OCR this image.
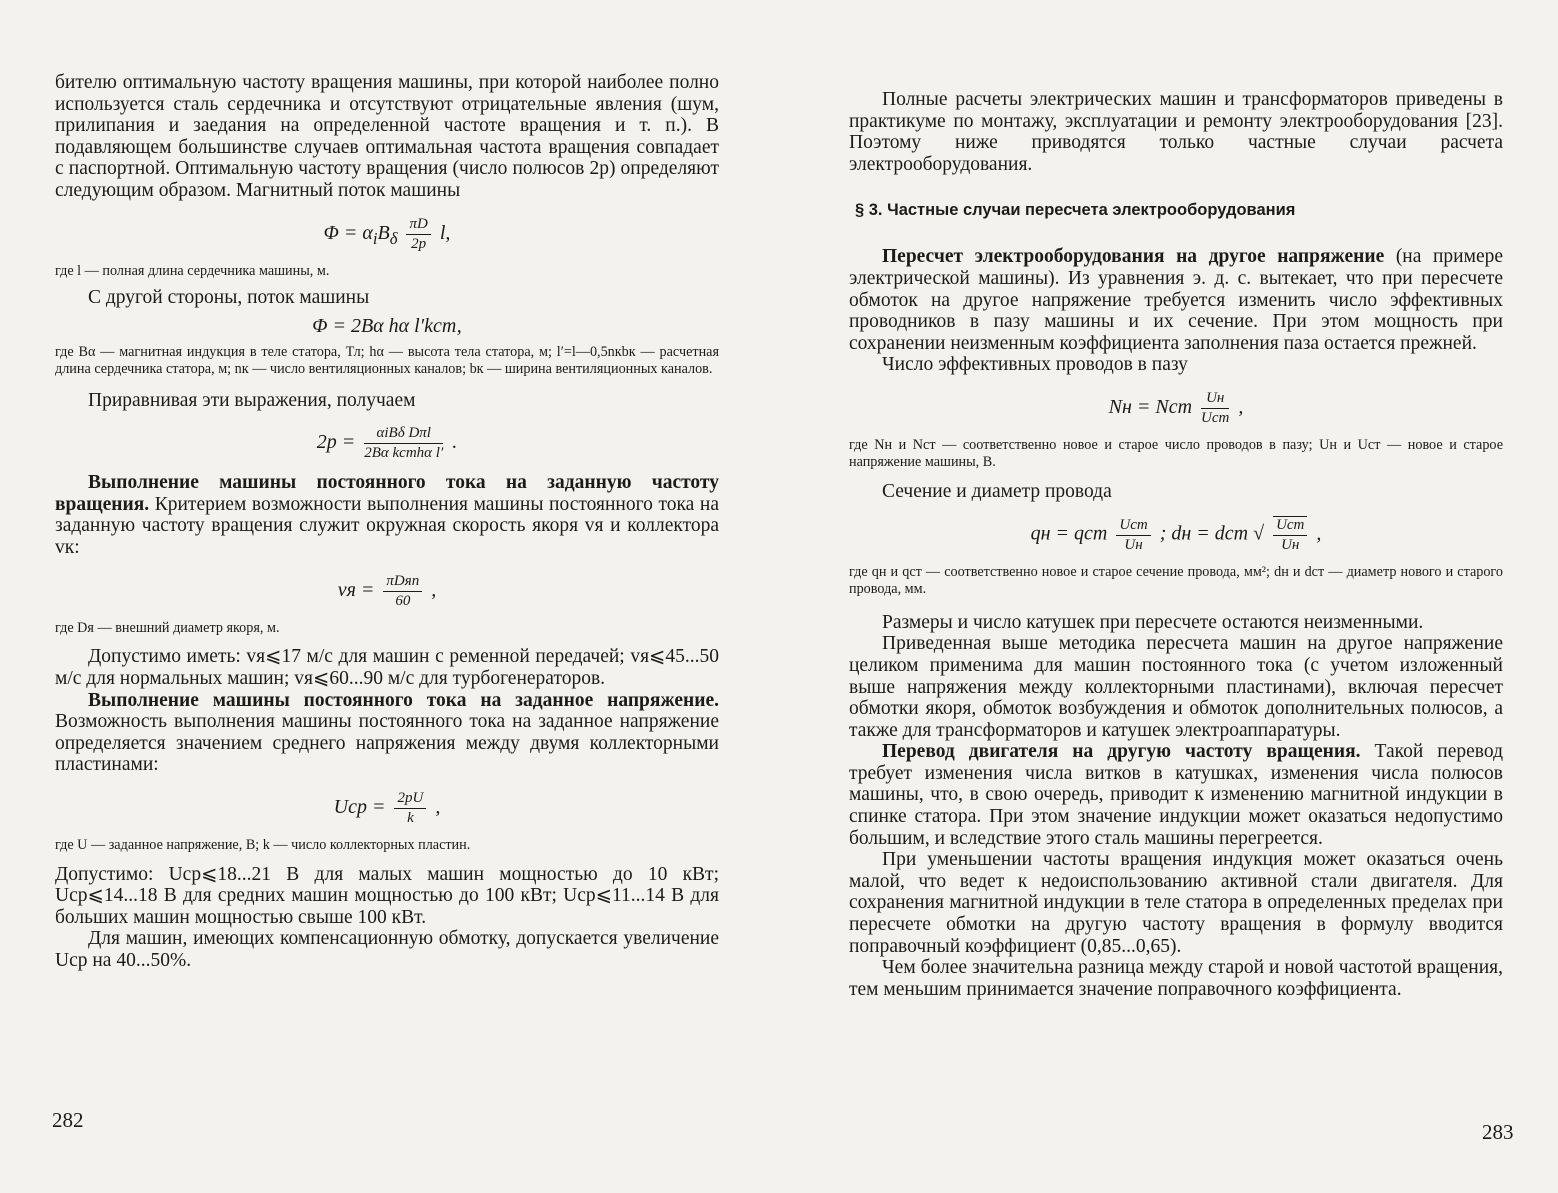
бителю оптимальную частоту вращения машины, при которой наиболее полно используется сталь сердечника и отсутствуют отрицательные явления (шум, прилипания и заедания на определенной частоте вращения и т. п.). В подавляющем большинстве случаев оптимальная частота вращения совпадает с паспортной. Оптимальную частоту вращения (число полюсов 2p) определяют следующим образом. Магнитный поток машины

$\Phi = \alpha_iB_\delta \frac{\pi D}{2p} l$,

где l — полная длина сердечника машины, м.

С другой стороны, поток машины

Φ = 2Bα hα l′kст,

где Bα — магнитная индукция в теле статора, Тл; hα — высота тела статора, м; l′=l—0,5nкbк — расчетная длина сердечника статора, м; nк — число вентиляционных каналов; bк — ширина вентиляционных каналов.

Приравнивая эти выражения, получаем

2p =	αiBδ Dπl
2Bα kстhα l′ .

Выполнение машины постоянного тока на заданную частоту вращения. Критерием возможности выполнения машины постоянного тока на заданную частоту вращения служит окружная скорость якоря vя и коллектора vк:

vя = πDяn
60	,

где Dя — внешний диаметр якоря, м.

Допустимо иметь: vя⩽17 м/с для машин с ременной передачей; vя⩽45...50 м/с для нормальных машин; vя⩽60...90 м/с для турбогенераторов.

Выполнение машины постоянного тока на заданное напряжение. Возможность выполнения машины постоянного тока на заданное напряжение определяется значением среднего напряжения между двумя коллекторными пластинами:

Uср = $\frac{2pU}{k}$ ,

где U — заданное напряжение, В; k — число коллекторных пластин.

Допустимо: Uср⩽18...21 В для малых машин мощностью до 10 кВт; Uср⩽14...18 В для средних машин мощностью до 100 кВт; Uср⩽11...14 В для больших машин мощностью свыше 100 кВт.

Для машин, имеющих компенсационную обмотку, допускается увеличение Uср на 40...50%.

282

Полные расчеты электрических машин и трансформаторов приведены в практикуме по монтажу, эксплуатации и ремонту электрооборудования [23]. Поэтому ниже приводятся только частные случаи расчета электрооборудования.

§ 3. Частные случаи пересчета электрооборудования

Пересчет электрооборудования на другое напряжение (на примере электрической машины). Из уравнения э. д. с. вытекает, что при пересчете обмоток на другое напряжение требуется изменить число эффективных проводников в пазу машины и их сечение. При этом мощность при сохранении неизменным коэффициента заполнения паза остается прежней.

Число эффективных проводов в пазу

Nн = Nст Uн
Uст ,

где Nн и Nст — соответственно новое и старое число проводов в пазу; Uн и Uст — новое и старое напряжение машины, В.

Сечение и диаметр провода

qн = qст Uст
Uн ; dн = dст √ Uст
Uн
,

где qн и qст — соответственно новое и старое сечение провода, мм²; dн и dст — диаметр нового и старого провода, мм.

Размеры и число катушек при пересчете остаются неизменными.

Приведенная выше методика пересчета машин на другое напряжение целиком применима для машин постоянного тока (с учетом изложенный выше напряжения между коллекторными пластинами), включая пересчет обмотки якоря, обмоток возбуждения и обмоток дополнительных полюсов, а также для трансформаторов и катушек электроаппаратуры.

Перевод двигателя на другую частоту вращения. Такой перевод требует изменения числа витков в катушках, изменения числа полюсов машины, что, в свою очередь, приводит к изменению магнитной индукции в спинке статора. При этом значение индукции может оказаться недопустимо большим, и вследствие этого сталь машины перегреется.

При уменьшении частоты вращения индукция может оказаться очень малой, что ведет к недоиспользованию активной стали двигателя. Для сохранения магнитной индукции в теле статора в определенных пределах при пересчете обмотки на другую частоту вращения в формулу вводится поправочный коэффициент (0,85...0,65).

Чем более значительна разница между старой и новой частотой вращения, тем меньшим принимается значение поправочного коэффициента.

283
